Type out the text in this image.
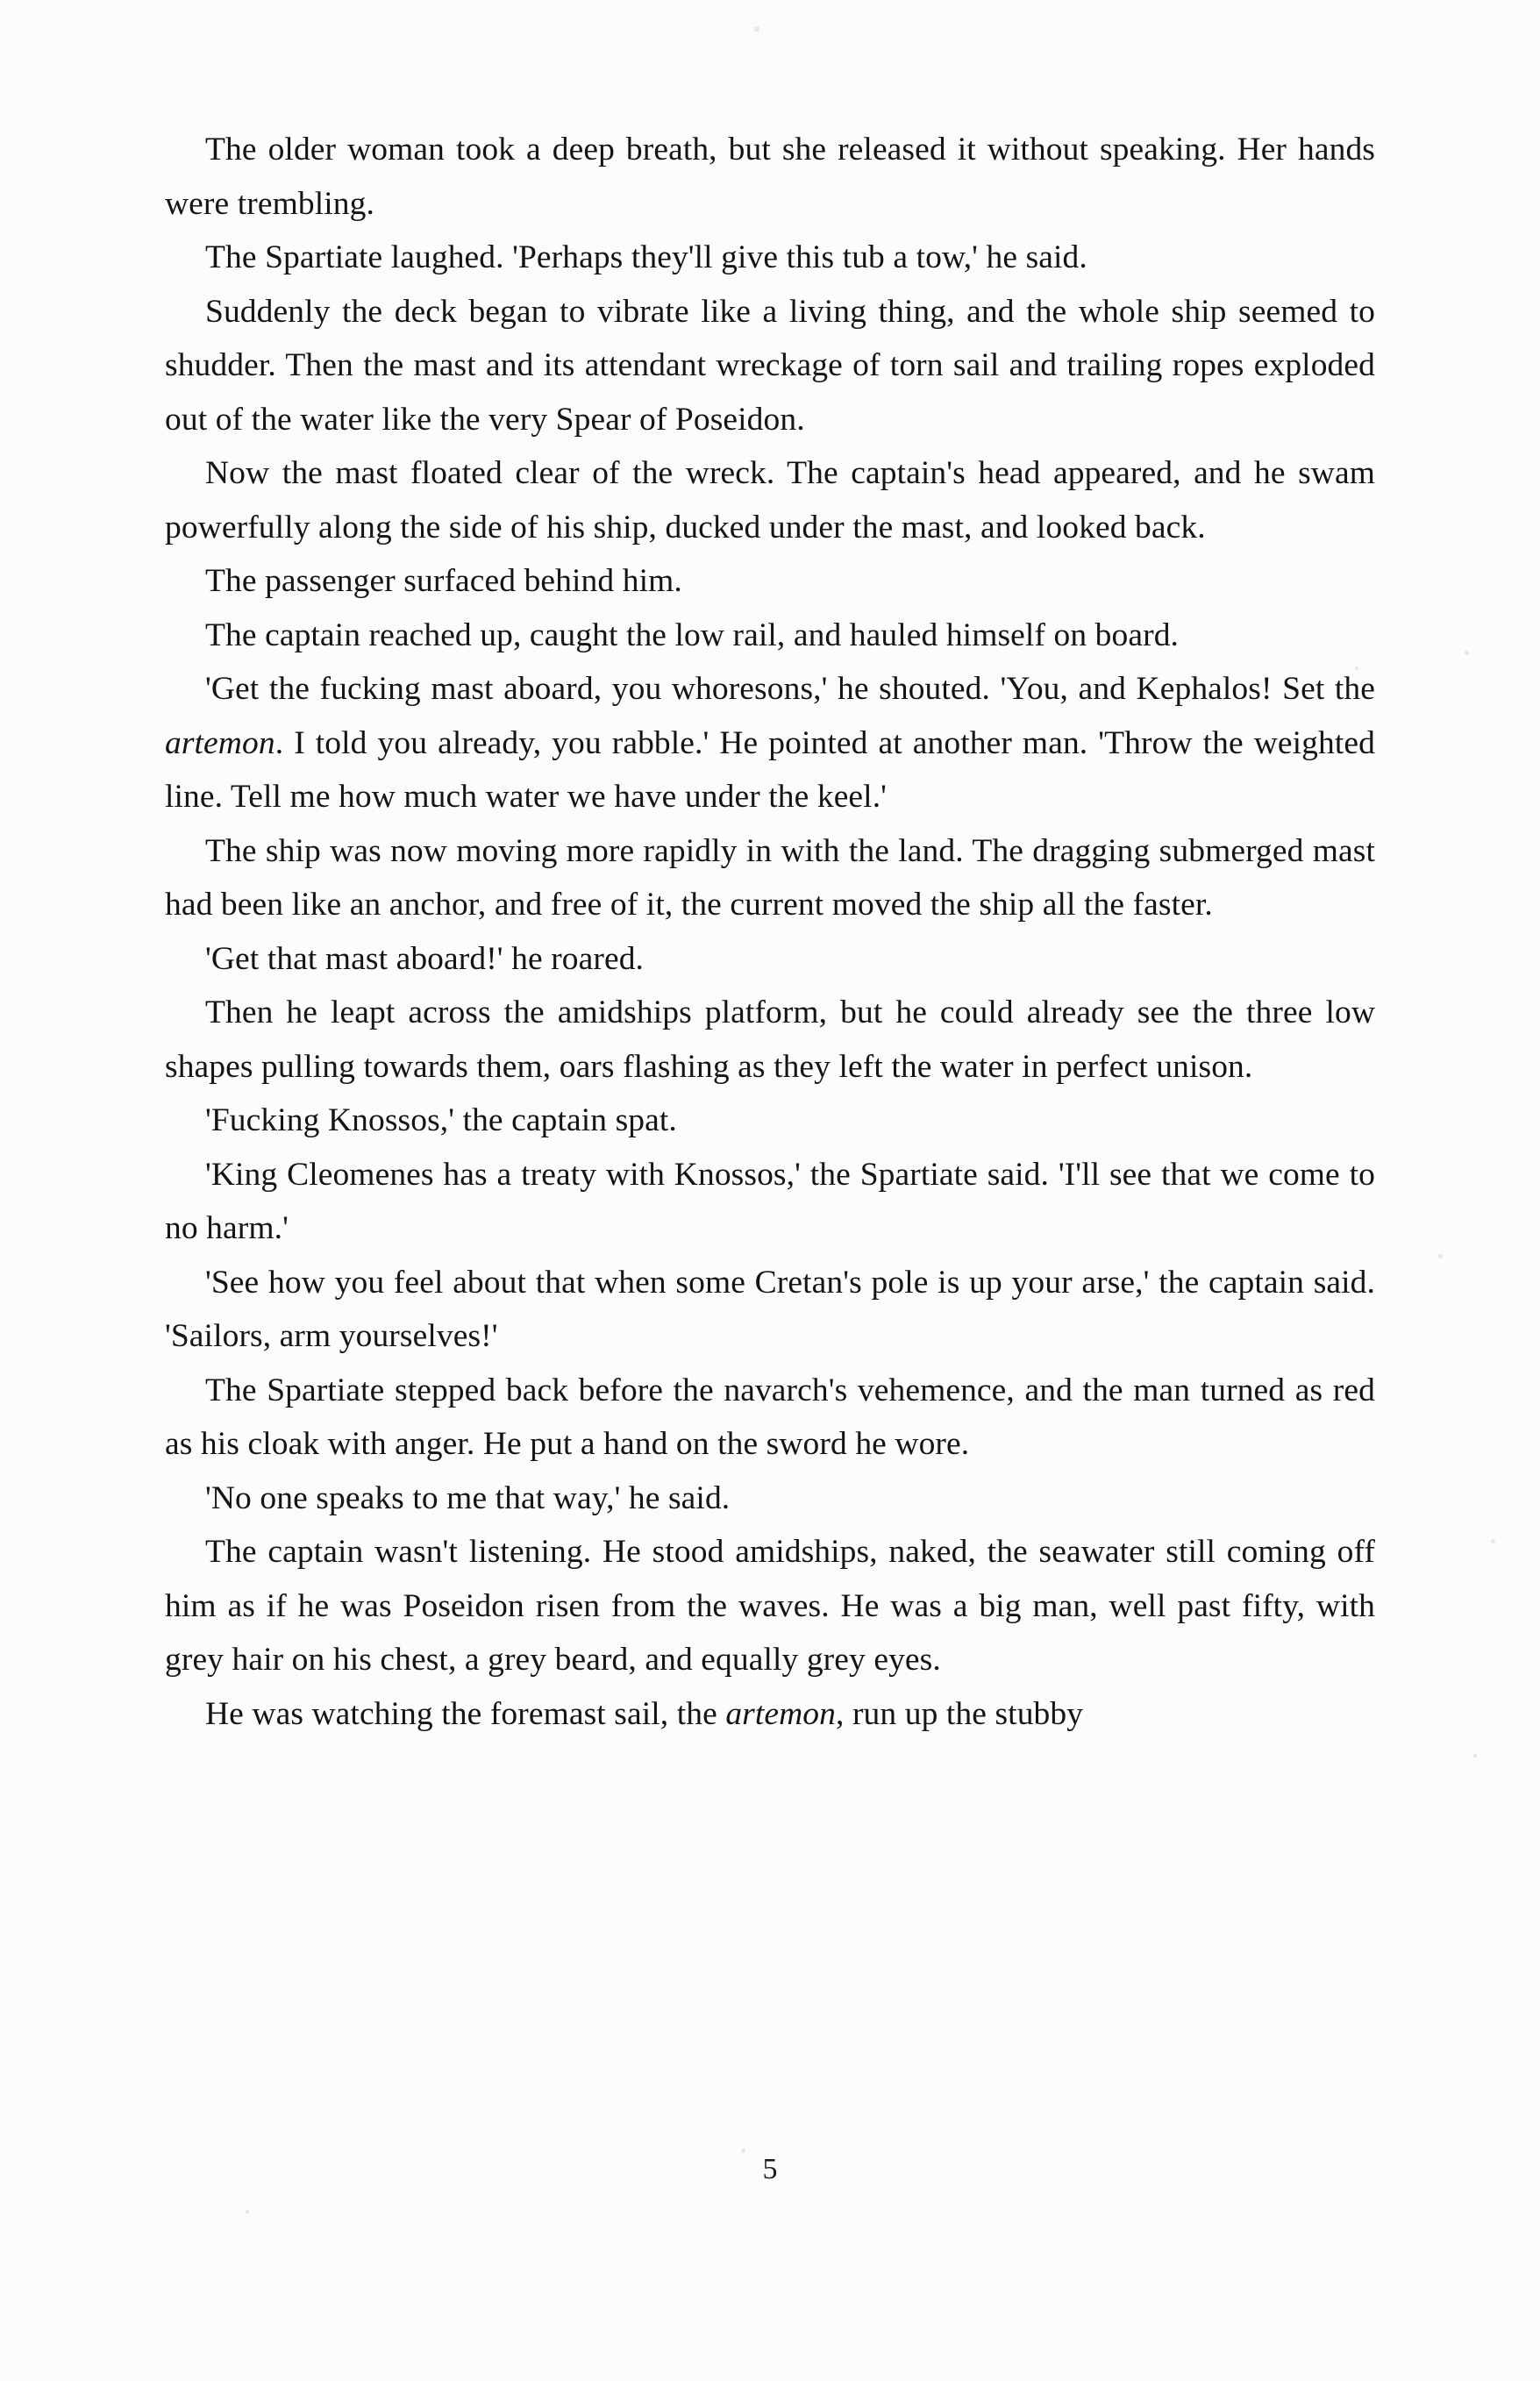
The older woman took a deep breath, but she released it without speaking. Her hands were trembling.

The Spartiate laughed. 'Perhaps they'll give this tub a tow,' he said.

Suddenly the deck began to vibrate like a living thing, and the whole ship seemed to shudder. Then the mast and its attendant wreckage of torn sail and trailing ropes exploded out of the water like the very Spear of Poseidon.

Now the mast floated clear of the wreck. The captain's head appeared, and he swam powerfully along the side of his ship, ducked under the mast, and looked back.

The passenger surfaced behind him.

The captain reached up, caught the low rail, and hauled himself on board.

'Get the fucking mast aboard, you whoresons,' he shouted. 'You, and Kephalos! Set the artemon. I told you already, you rabble.' He pointed at another man. 'Throw the weighted line. Tell me how much water we have under the keel.'

The ship was now moving more rapidly in with the land. The dragging submerged mast had been like an anchor, and free of it, the current moved the ship all the faster.

'Get that mast aboard!' he roared.

Then he leapt across the amidships platform, but he could already see the three low shapes pulling towards them, oars flashing as they left the water in perfect unison.

'Fucking Knossos,' the captain spat.

'King Cleomenes has a treaty with Knossos,' the Spartiate said. 'I'll see that we come to no harm.'

'See how you feel about that when some Cretan's pole is up your arse,' the captain said. 'Sailors, arm yourselves!'

The Spartiate stepped back before the navarch's vehemence, and the man turned as red as his cloak with anger. He put a hand on the sword he wore.

'No one speaks to me that way,' he said.

The captain wasn't listening. He stood amidships, naked, the seawater still coming off him as if he was Poseidon risen from the waves. He was a big man, well past fifty, with grey hair on his chest, a grey beard, and equally grey eyes.

He was watching the foremast sail, the artemon, run up the stubby

5
